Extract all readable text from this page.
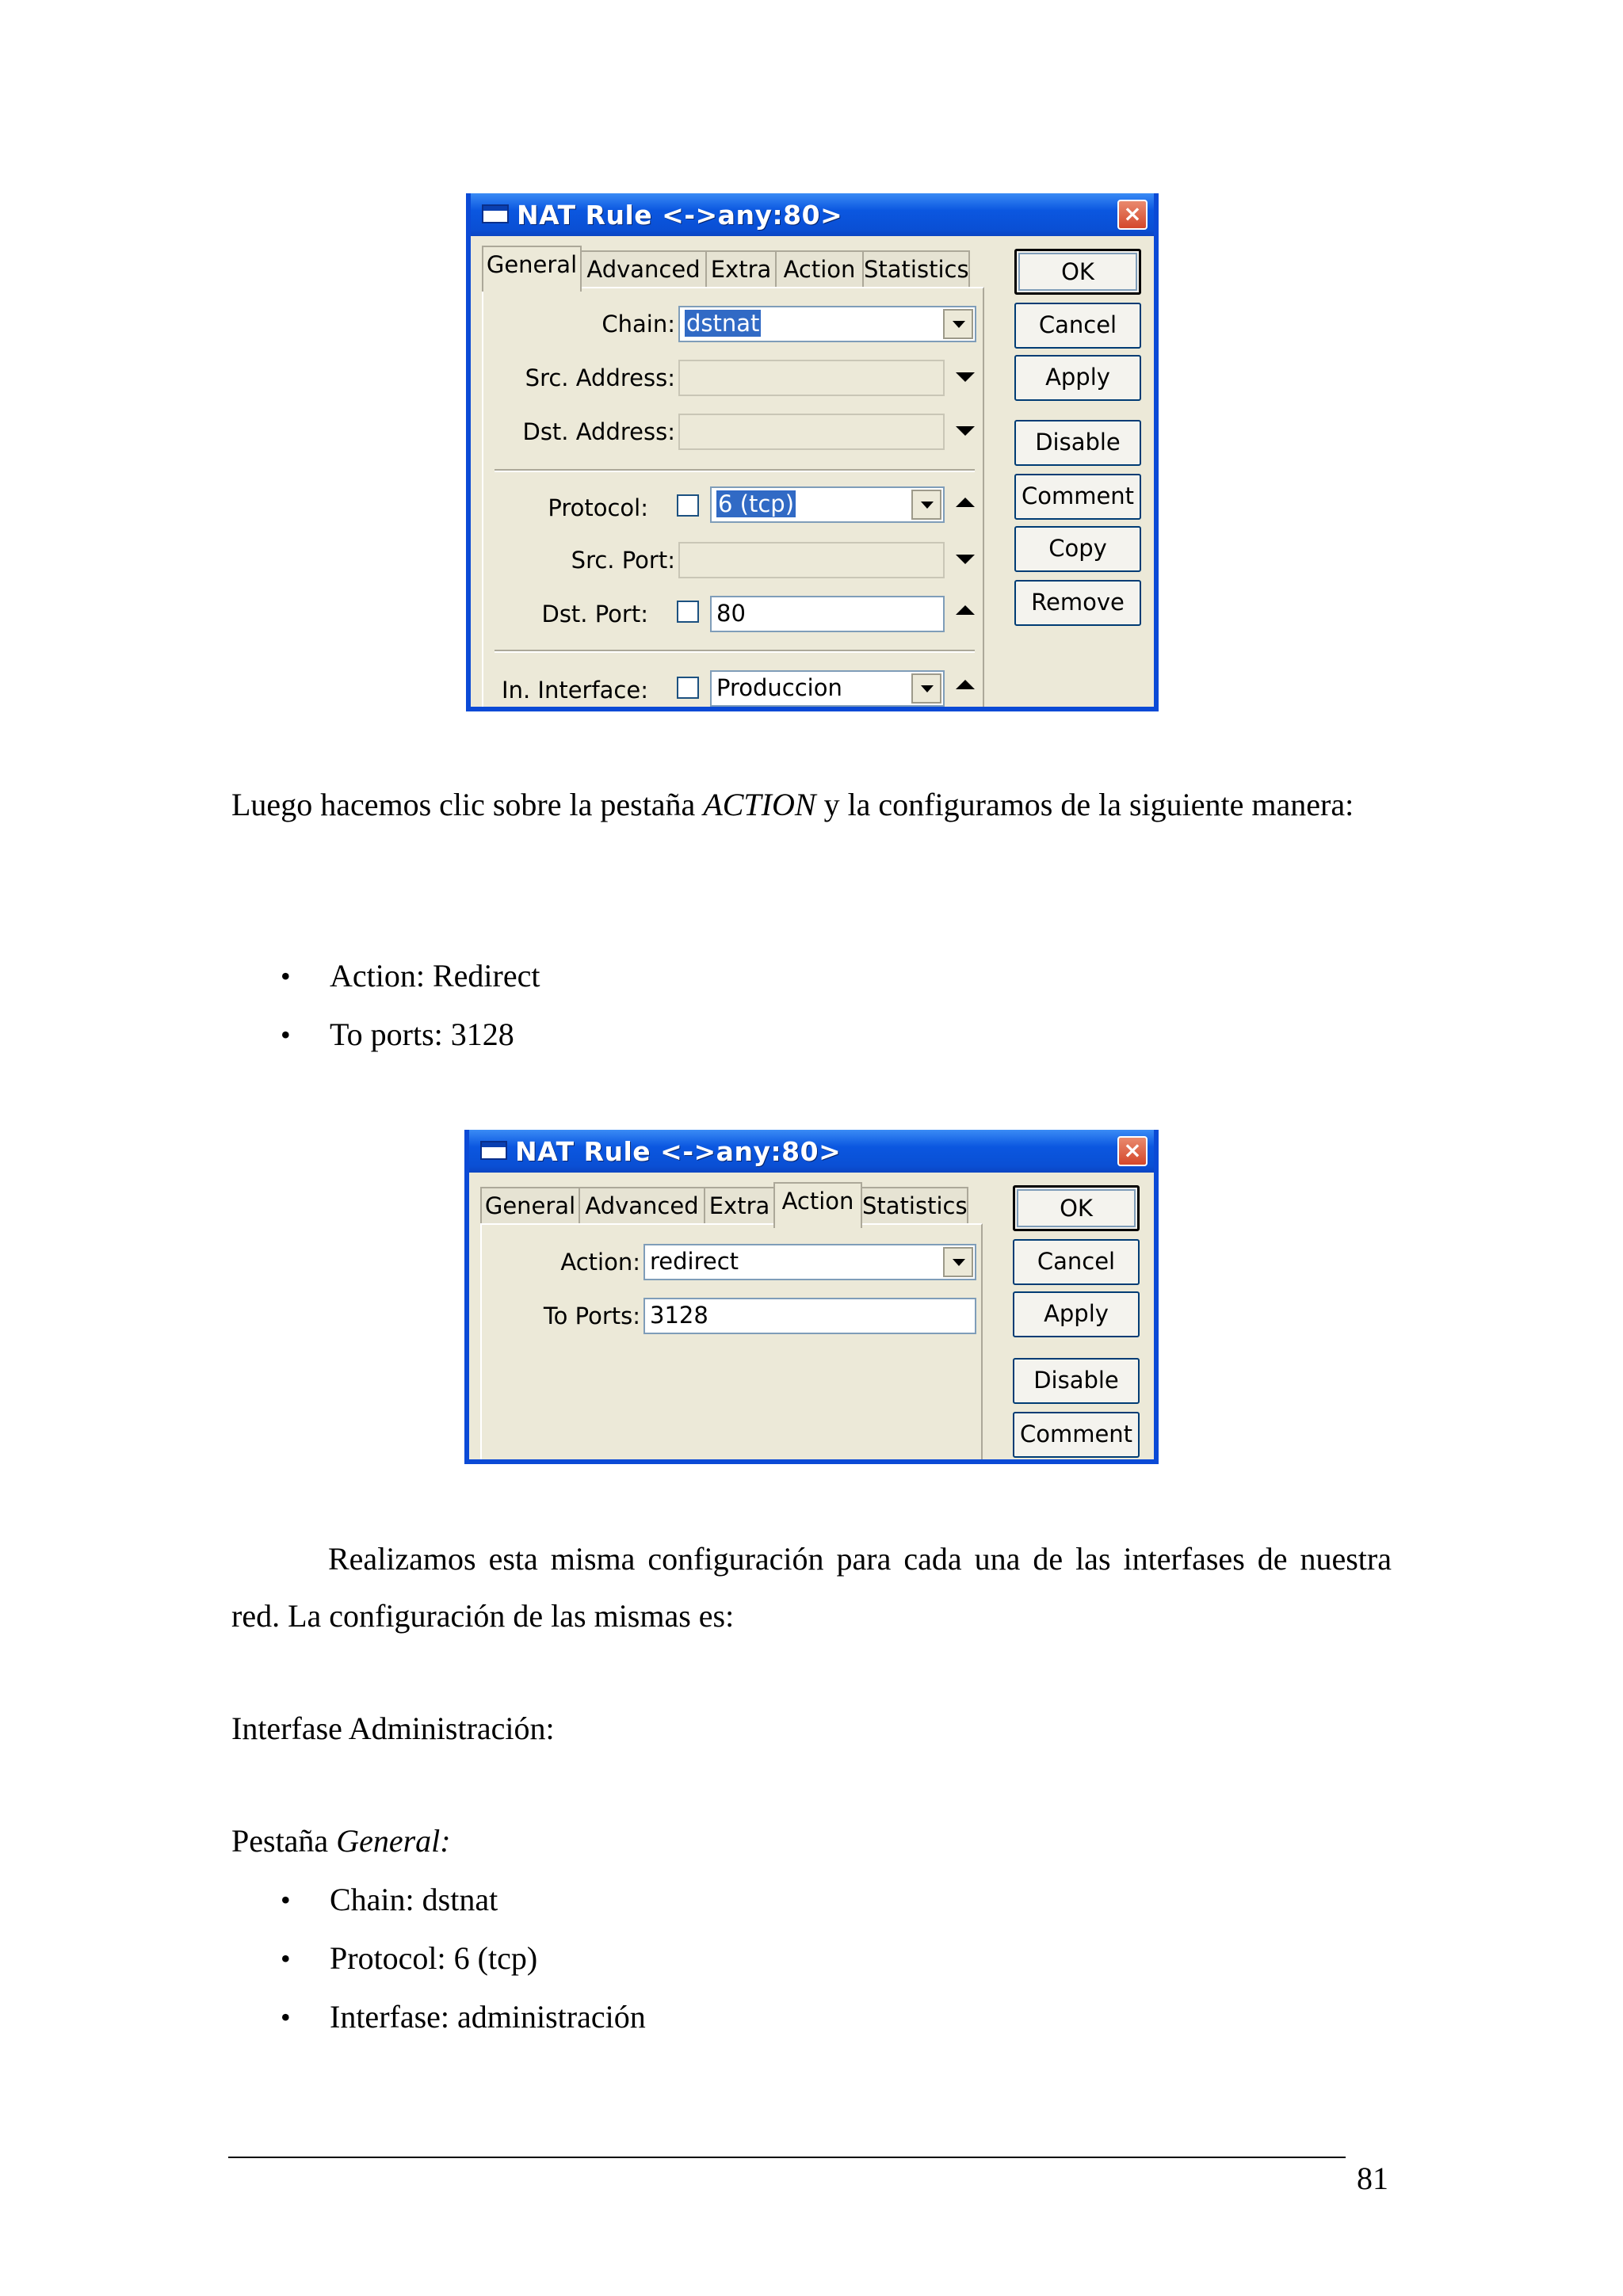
NAT Rule <->any:80>	×
General Advanced Extra Action Statistics
Chain: dstnat
Src. Address:
Dst. Address:
Protocol:	6 (tcp)
Src. Port:
Dst. Port:	80
In. Interface:	Produccion
OK
Cancel
Apply
Disable
Comment
Copy
Remove
Luego hacemos clic sobre la pestaña ACTION y la configuramos de la siguiente manera:
• Action: Redirect
• To ports: 3128
NAT Rule <->any:80>	×
General Advanced Extra Action Statistics
Action: redirect
To Ports: 3128
OK
Cancel
Apply
Disable
Comment
Realizamos esta misma configuración para cada una de las interfases de nuestra
red. La configuración de las mismas es:
Interfase Administración:
Pestaña General:
• Chain: dstnat
• Protocol: 6 (tcp)
• Interfase: administración
81
